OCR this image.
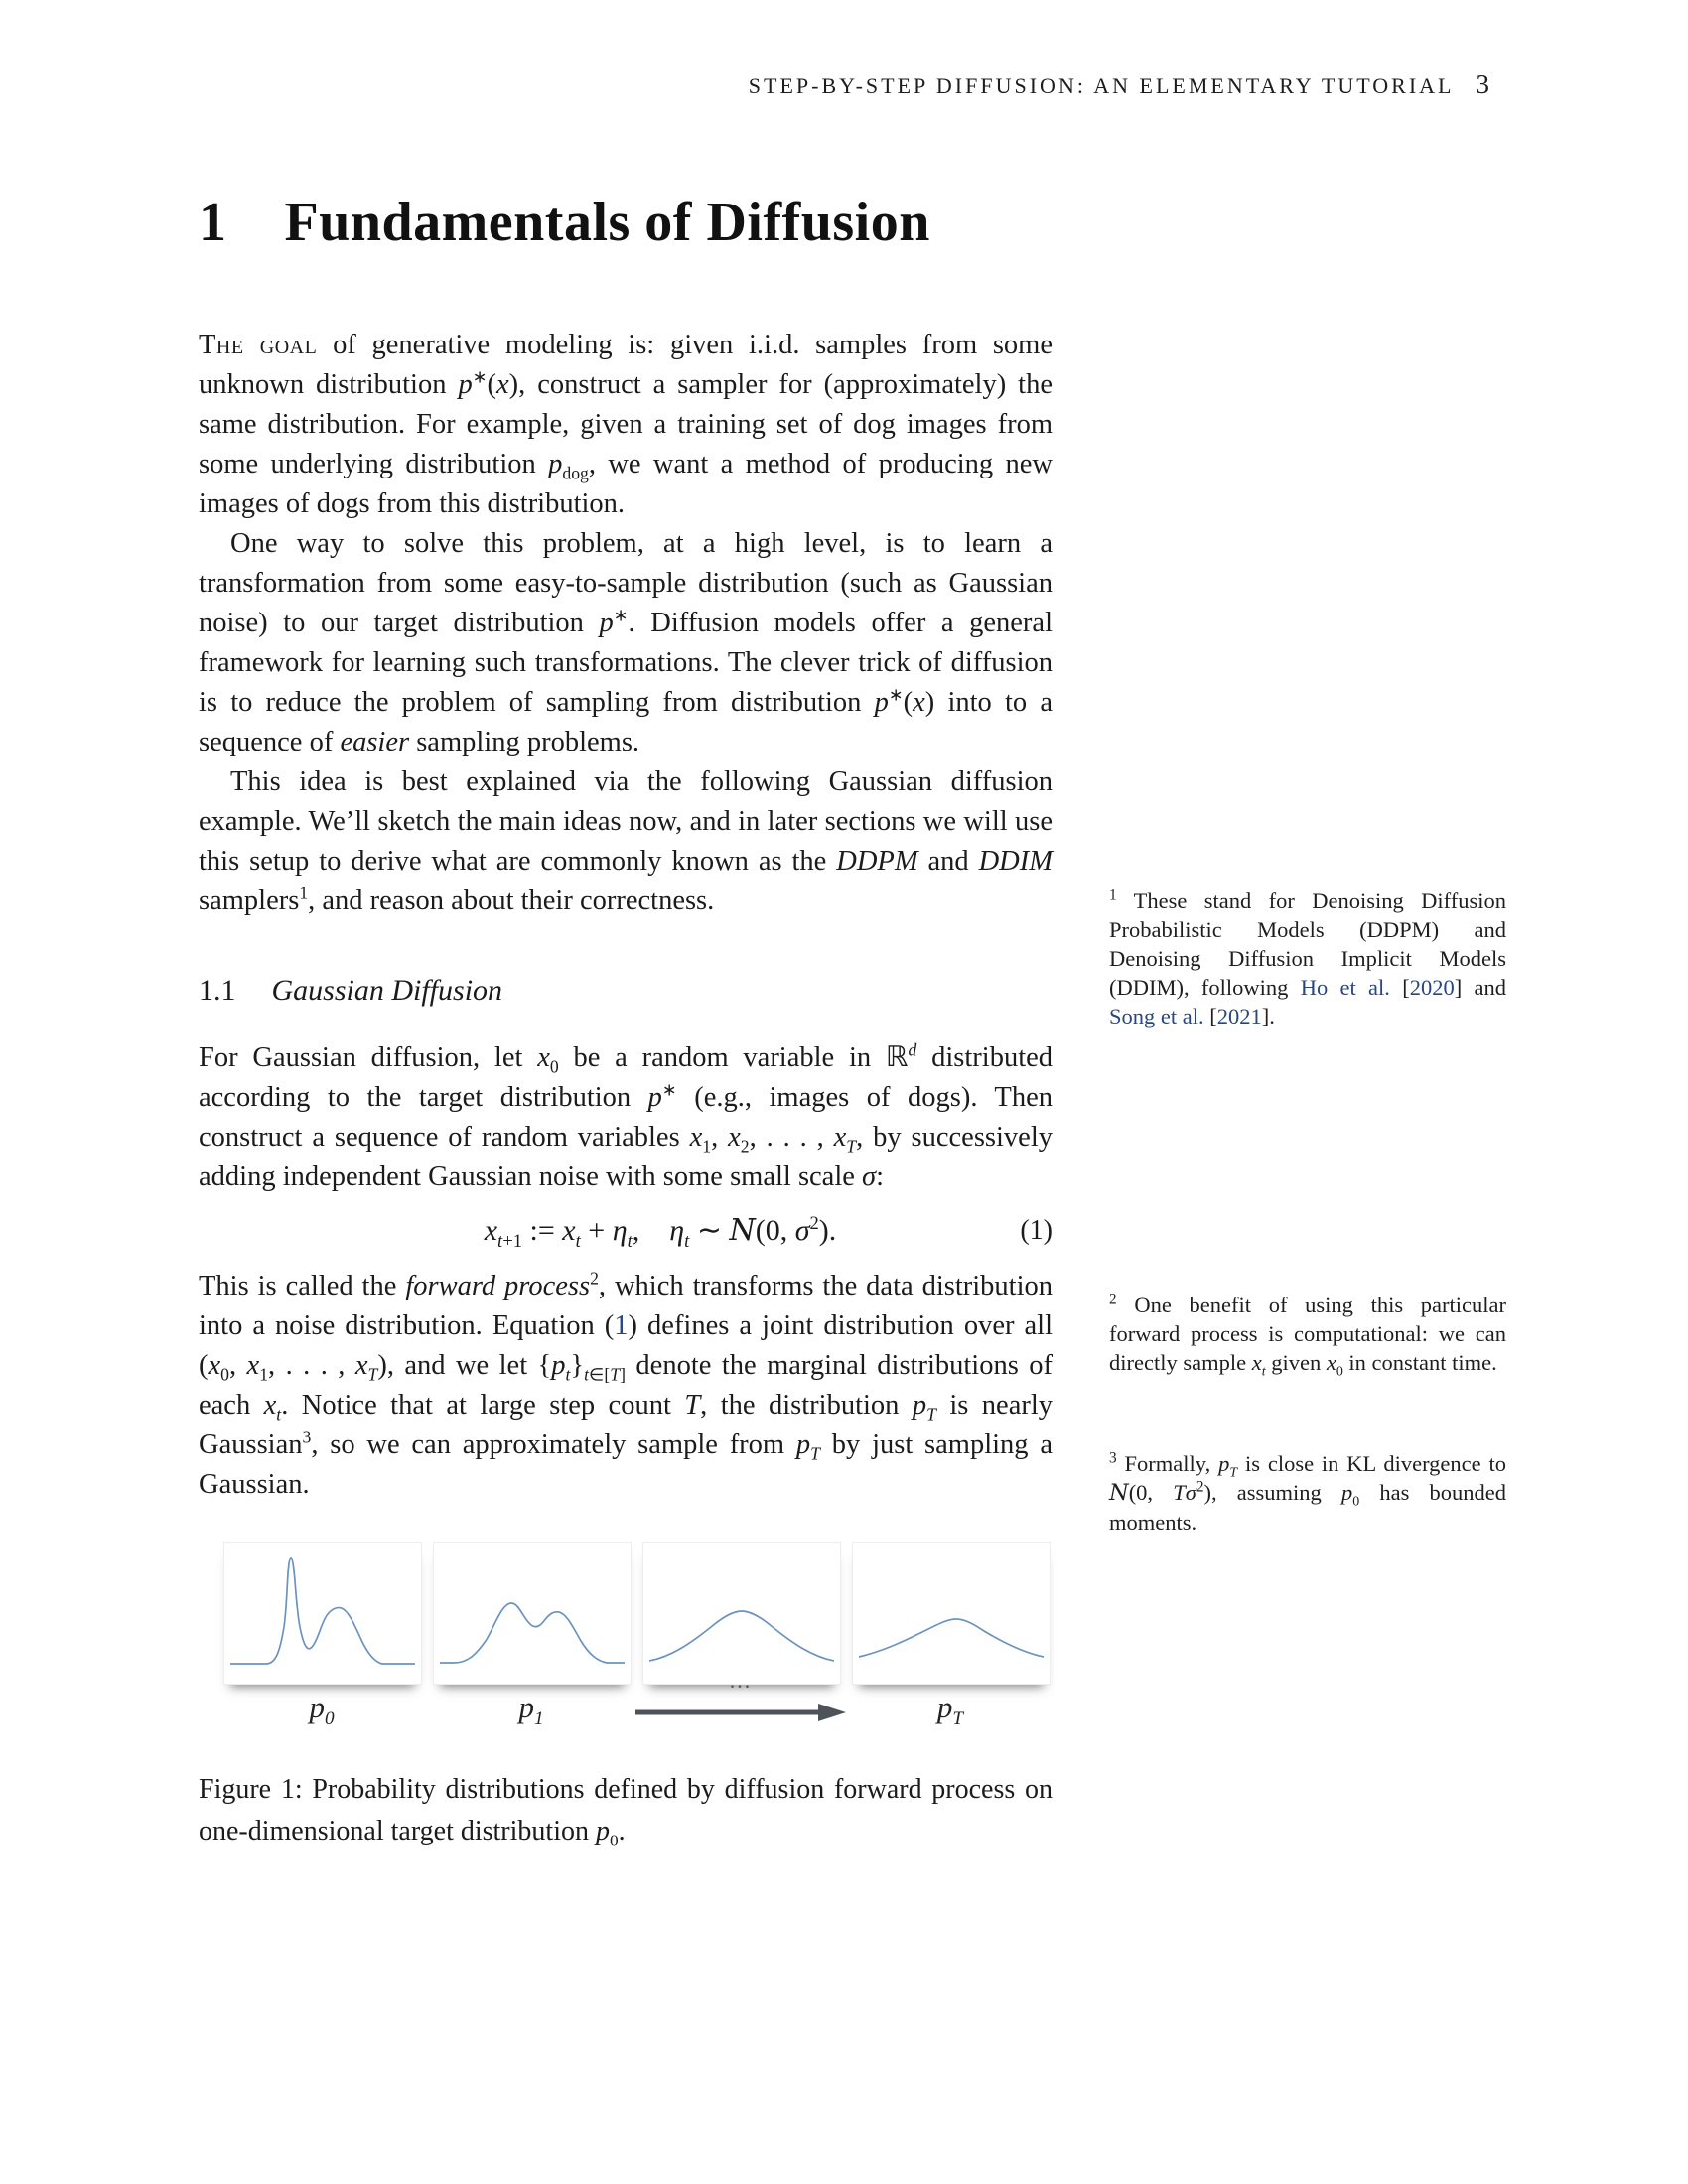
STEP-BY-STEP DIFFUSION: AN ELEMENTARY TUTORIAL 3
1 Fundamentals of Diffusion

The goal of generative modeling is: given i.i.d. samples from some unknown distribution p∗(x), construct a sampler for (approximately) the same distribution. For example, given a training set of dog images from some underlying distribution $p_{dog}$, we want a method of producing new images of dogs from this distribution.

One way to solve this problem, at a high level, is to learn a transformation from some easy-to-sample distribution (such as Gaussian noise) to our target distribution p∗. Diffusion models offer a general framework for learning such transformations. The clever trick of diffusion is to reduce the problem of sampling from distribution p∗(x) into to a sequence of easier sampling problems.

This idea is best explained via the following Gaussian diffusion example. We’ll sketch the main ideas now, and in later sections we will use this setup to derive what are commonly known as the DDPM and DDIM samplers$^1$, and reason about their correctness.

1.1 Gaussian Diffusion

For Gaussian diffusion, let $x_0$ be a random variable in ℝ$^d$ distributed according to the target distribution p∗ (e.g., images of dogs). Then construct a sequence of random variables $x_1$, $x_2$, . . . , $x_T$, by successively adding independent Gaussian noise with some small scale σ:

$x_{t+1}$ := $x_t + \eta_t$,    $\eta_t$ ∼ N(0, $\sigma^2$).	(1)

This is called the forward process$^2$, which transforms the data distribution into a noise distribution. Equation (1) defines a joint distribution over all ($x_0$, $x_1$, . . . , $x_T$), and we let $\{p_t\}_{t\in[T]}$ denote the marginal distributions of each $x_t$. Notice that at large step count T, the distribution $p_T$ is nearly Gaussian$^3$, so we can approximately sample from $p_T$ by just sampling a Gaussian.

$^1$ These stand for Denoising Diffusion Probabilistic Models (DDPM) and Denoising Diffusion Implicit Models (DDIM), following Ho et al. [2020] and Song et al. [2021].
$^2$ One benefit of using this particular forward process is computational: we can directly sample $x_t$ given $x_0$ in constant time.
$^3$ Formally, $p_T$ is close in KL divergence to N(0, $T\sigma^2$), assuming $p_0$ has bounded moments.
$p_0$	$p_1$
...
$p_T$
Figure 1: Probability distributions defined by diffusion forward process on one-dimensional target distribution $p_0$.
